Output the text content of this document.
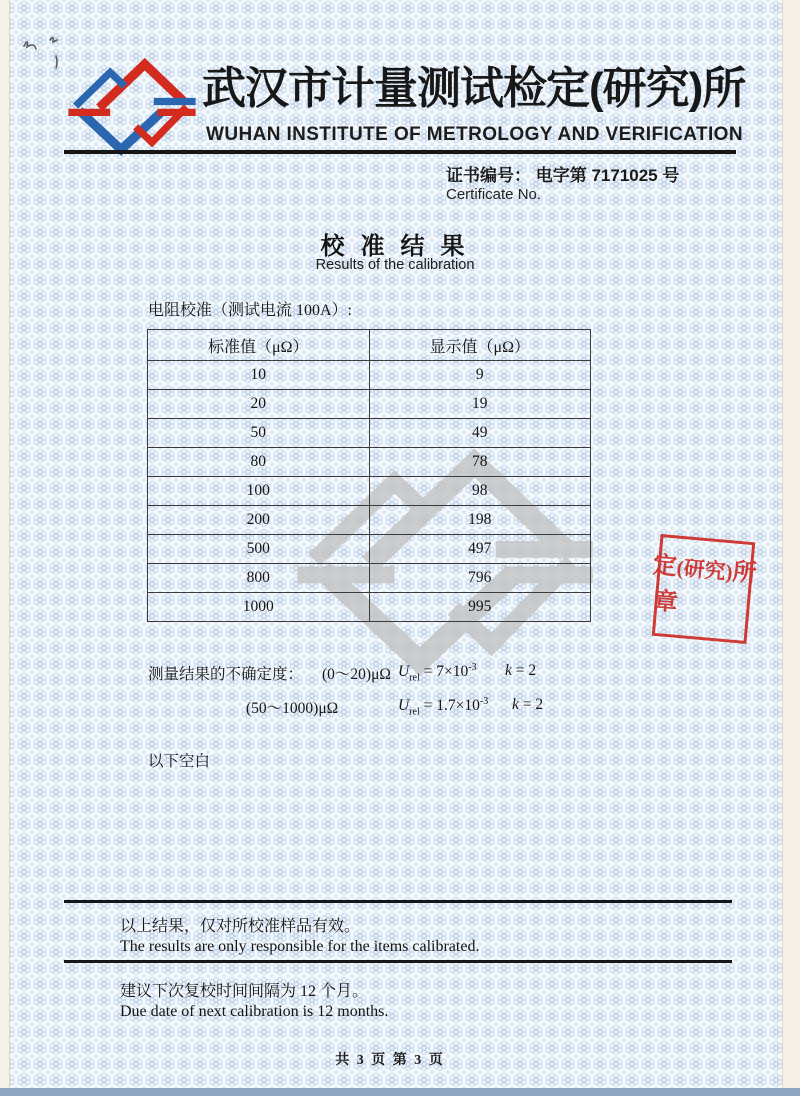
武汉市计量测试检定(研究)所
WUHAN INSTITUTE OF METROLOGY AND VERIFICATION
证书编号： 电字第 7171025 号
Certificate No.
校 准 结 果
Results of the calibration
电阻校准（测试电流 100A）:
标准值（μΩ）	显示值（μΩ）
10	9
20	19
50	49
80	78
100	98
200	198
500	497
800	796
1000	995
测量结果的不确定度： (0～20)μΩ $U_{rel} = 7\times 10^{-3}$ k = 2
(50～1000)μΩ	$U_{rel} = 1.7\times 10^{-3}$ k = 2
以下空白
定(研究)所
章
以上结果，仅对所校准样品有效。
The results are only responsible for the items calibrated.
建议下次复校时间间隔为 12 个月。
Due date of next calibration is 12 months.
共 3 页 第 3 页
